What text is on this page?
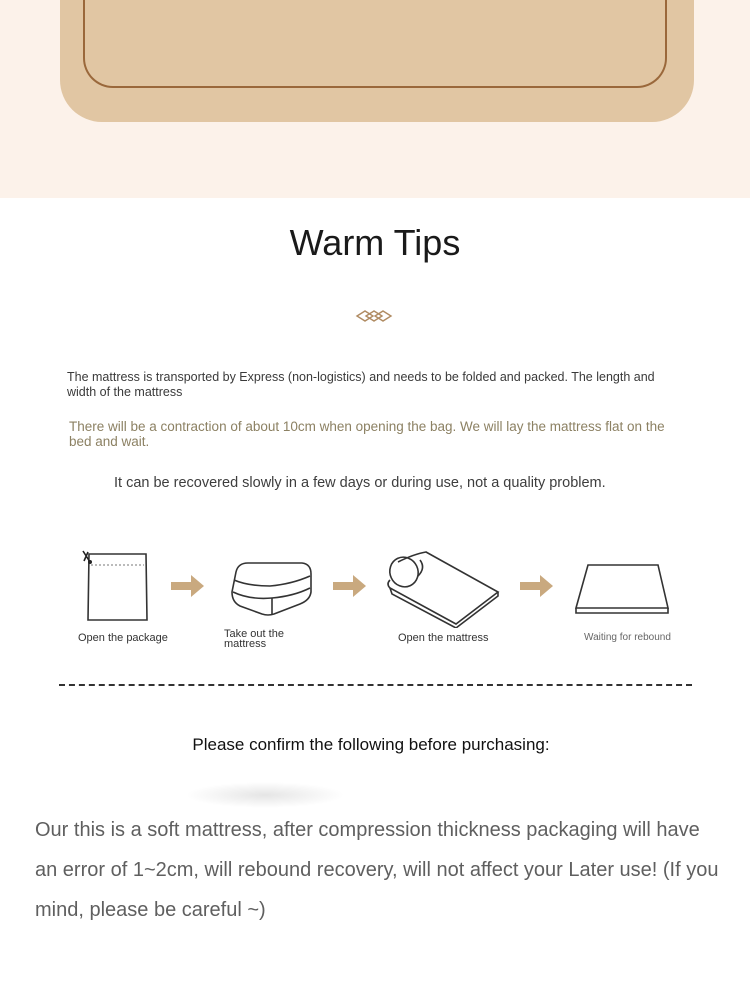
Warm Tips

The mattress is transported by Express (non-logistics) and needs to be folded and packed. The length and width of the mattress

There will be a contraction of about 10cm when opening the bag. We will lay the mattress flat on the bed and wait.

It can be recovered slowly in a few days or during use, not a quality problem.

Open the package	Take out the mattress	Open the mattress	Waiting for rebound

Please confirm the following before purchasing:

Our this is a soft mattress, after compression thickness packaging will have an error of 1~2cm, will rebound recovery, will not affect your Later use! (If you mind, please be careful ~)
